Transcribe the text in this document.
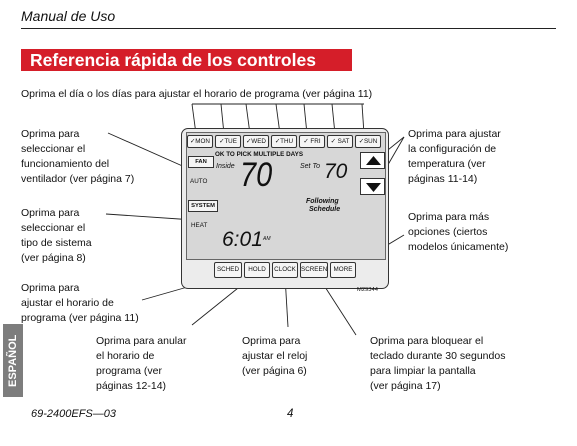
Manual de Uso
Referencia rápida de los controles
Oprima el día o los días para ajustar el horario de programa (ver página 11)
Oprima para
seleccionar el
funcionamiento del
ventilador (ver página 7)
Oprima para
seleccionar el
tipo de sistema
(ver página 8)
Oprima para
ajustar el horario de
programa (ver página 11)
Oprima para anular
el horario de
programa (ver
páginas 12-14)
Oprima para
ajustar el reloj
(ver página 6)
Oprima para bloquear el
teclado durante 30 segundos
para limpiar la pantalla
(ver página 17)
Oprima para ajustar
la configuración de
temperatura (ver
páginas 11-14)
Oprima para más
opciones (ciertos
modelos únicamente)
✓MON	✓TUE	✓WED	✓THU	✓ FRI	✓ SAT	✓SUN
OK TO PICK MULTIPLE DAYS
FAN
AUTO
Inside 70	Set To 70
Following
Schedule
SYSTEM
HEAT
6:01 AM
SCHED	HOLD	CLOCK SCREEN MORE
M29344
ESPAÑOL
69-2400EFS—03	4
